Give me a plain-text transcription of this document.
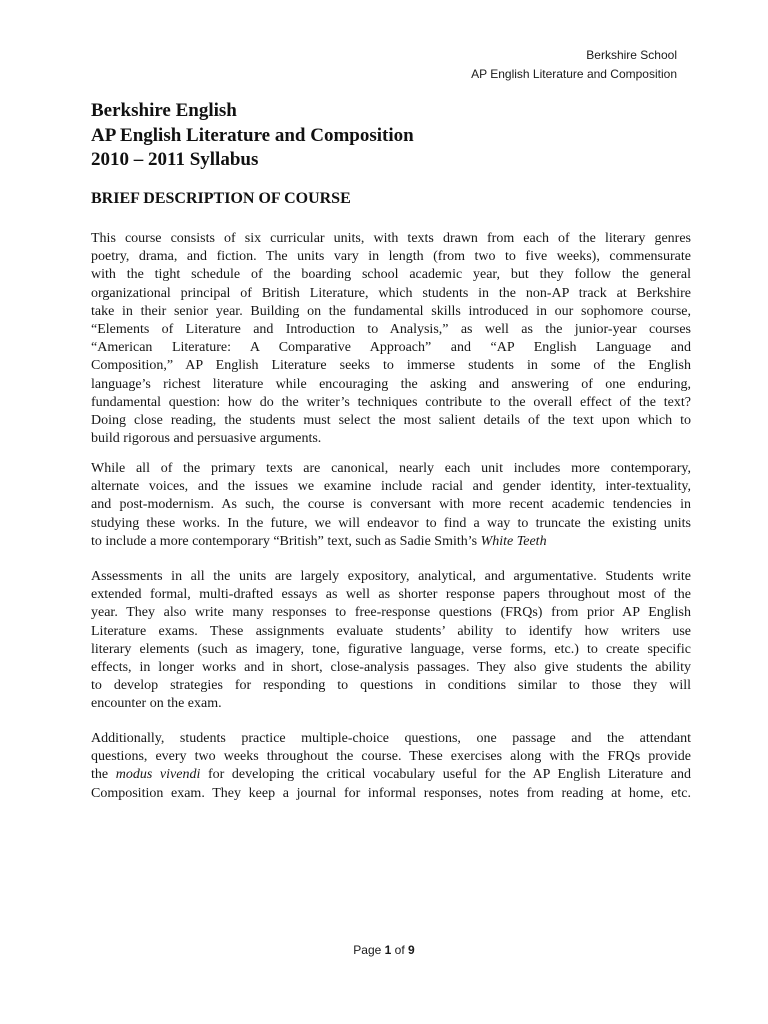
Berkshire School
AP English Literature and Composition
Berkshire English
AP English Literature and Composition
2010 – 2011 Syllabus
BRIEF DESCRIPTION OF COURSE
This course consists of six curricular units, with texts drawn from each of the literary genres
poetry, drama, and fiction. The units vary in length (from two to five weeks), commensurate
with the tight schedule of the boarding school academic year, but they follow the general
organizational principal of British Literature, which students in the non-AP track at Berkshire
take in their senior year. Building on the fundamental skills introduced in our sophomore course,
“Elements of Literature and Introduction to Analysis,” as well as the junior-year courses
“American Literature: A Comparative Approach” and “AP English Language and
Composition,” AP English Literature seeks to immerse students in some of the English
language’s richest literature while encouraging the asking and answering of one enduring,
fundamental question: how do the writer’s techniques contribute to the overall effect of the text?
Doing close reading, the students must select the most salient details of the text upon which to
build rigorous and persuasive arguments.
While all of the primary texts are canonical, nearly each unit includes more contemporary,
alternate voices, and the issues we examine include racial and gender identity, inter-textuality,
and post-modernism. As such, the course is conversant with more recent academic tendencies in
studying these works. In the future, we will endeavor to find a way to truncate the existing units
to include a more contemporary “British” text, such as Sadie Smith’s White Teeth
Assessments in all the units are largely expository, analytical, and argumentative. Students write
extended formal, multi-drafted essays as well as shorter response papers throughout most of the
year. They also write many responses to free-response questions (FRQs) from prior AP English
Literature exams. These assignments evaluate students’ ability to identify how writers use
literary elements (such as imagery, tone, figurative language, verse forms, etc.) to create specific
effects, in longer works and in short, close-analysis passages. They also give students the ability
to develop strategies for responding to questions in conditions similar to those they will
encounter on the exam.
Additionally, students practice multiple-choice questions, one passage and the attendant
questions, every two weeks throughout the course. These exercises along with the FRQs provide
the modus vivendi for developing the critical vocabulary useful for the AP English Literature and
Composition exam. They keep a journal for informal responses, notes from reading at home, etc.
Page 1 of 9
